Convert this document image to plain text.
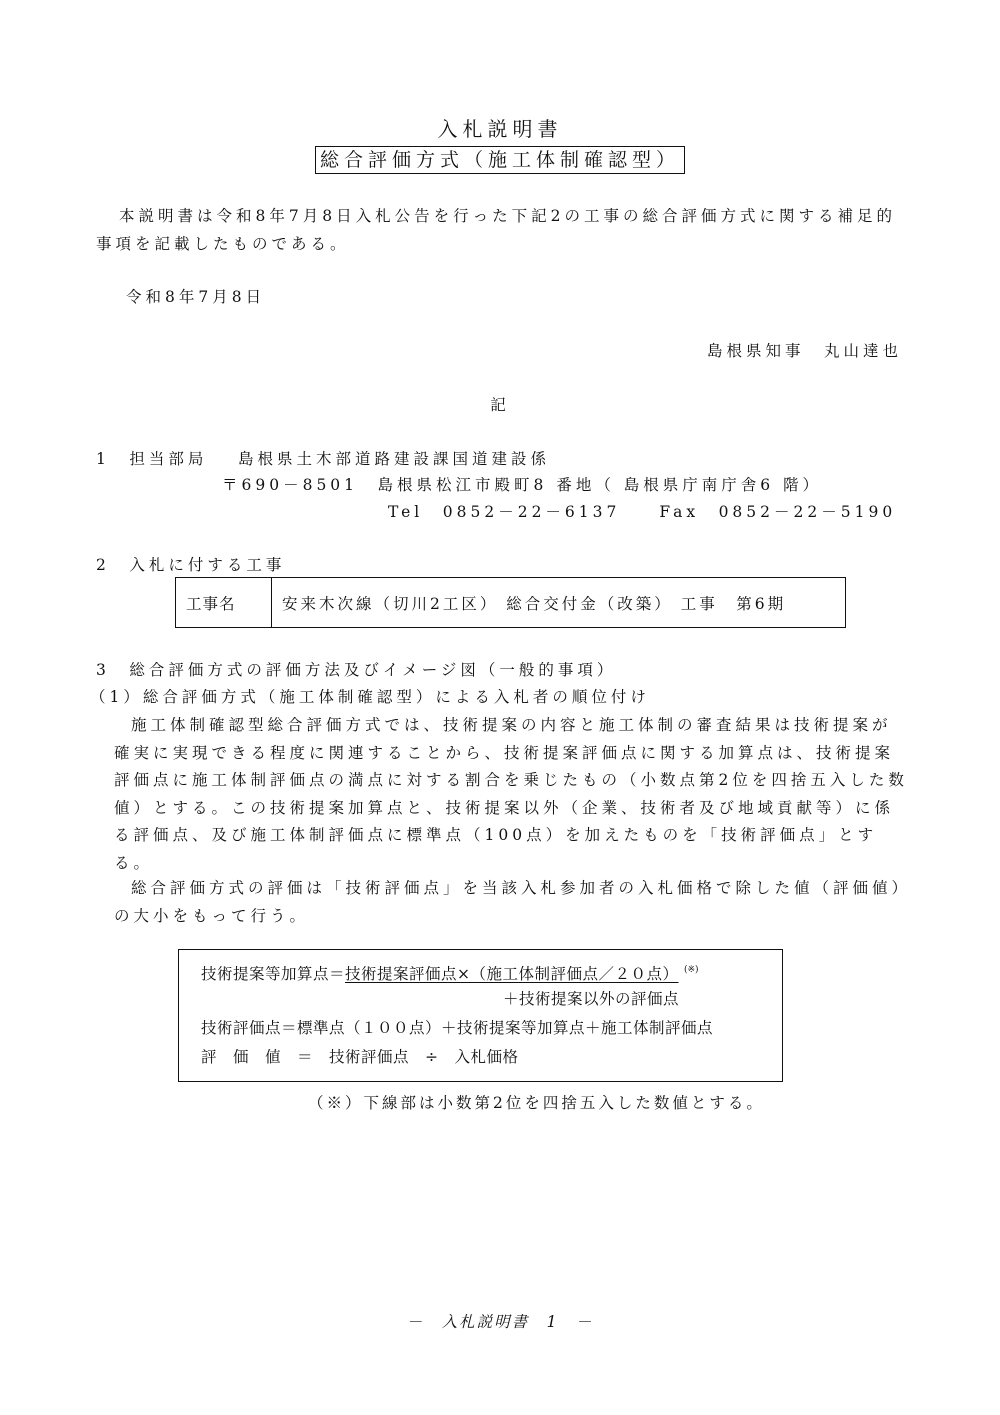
入札説明書
総合評価方式（施工体制確認型）
本説明書は令和8年7月8日入札公告を行った下記2の工事の総合評価方式に関する補足的事項を記載したものである。
令和8年7月8日
島根県知事　丸山達也
記
1　担当部局 島根県土木部道路建設課国道建設係
〒690－8501　島根県松江市殿町8 番地（ 島根県庁南庁舎6 階）
Tel　0852－22－6137　　Fax　0852－22－5190
2　入札に付する工事
工事名	安来木次線（切川2工区） 総合交付金（改築） 工事　第6期
3　総合評価方式の評価方法及びイメージ図（一般的事項）
（1）総合評価方式（施工体制確認型）による入札者の順位付け
施工体制確認型総合評価方式では、技術提案の内容と施工体制の審査結果は技術提案が確実に実現できる程度に関連することから、技術提案評価点に関する加算点は、技術提案評価点に施工体制評価点の満点に対する割合を乗じたもの（小数点第2位を四捨五入した数値）とする。この技術提案加算点と、技術提案以外（企業、技術者及び地域貢献等）に係る評価点、及び施工体制評価点に標準点（100点）を加えたものを「技術評価点」とする。
総合評価方式の評価は「技術評価点」を当該入札参加者の入札価格で除した値（評価値）の大小をもって行う。
技術提案等加算点＝技術提案評価点×（施工体制評価点／２０点） (※)
＋技術提案以外の評価点
技術評価点＝標準点（１００点）＋技術提案等加算点＋施工体制評価点
評　価　値　＝　技術評価点　÷　入札価格
（※）下線部は小数第2位を四捨五入した数値とする。
－　入札説明書　1　－
